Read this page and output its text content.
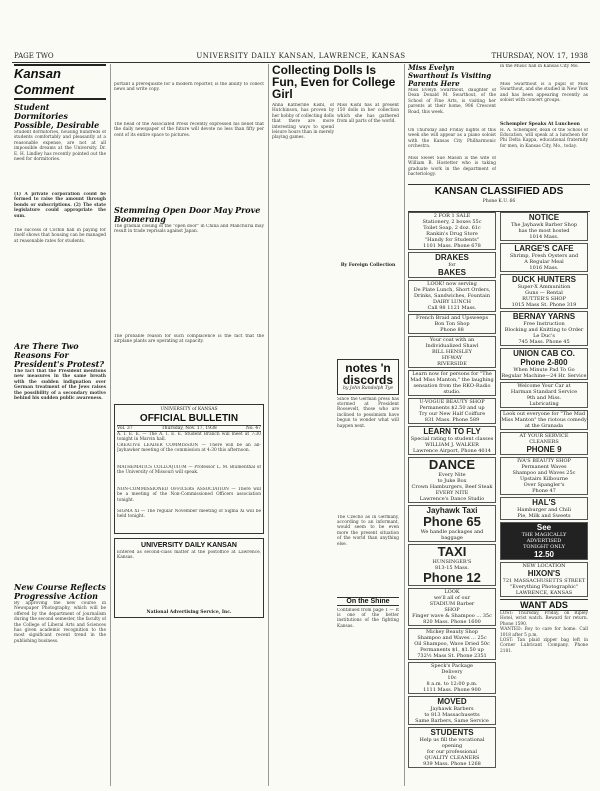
PAGE TWO	UNIVERSITY DAILY KANSAN, LAWRENCE, KANSAS	THURSDAY, NOV. 17, 1938
Kansan Comment
Student Dormitories Possible, Desirable
Student dormitories, housing hundreds of students comfortably and pleasantly at a reasonable expense, are not at all impossible dreams at the University. Dr. E. H. Lindley has recently pointed out the need for dormitories.
(1) A private corporation could be formed to raise the amount through bonds or subscriptions. (2) The state legislature could appropriate the sum.
The success of Corbin hall in paying for itself shows that housing can be managed at reasonable rates for students.
Are There Two Reasons For President's Protest?
The fact that the President mentions new measures in the same breath with the sudden indignation over German treatment of the Jews raises the possibility of a secondary motive behind his sudden public awareness.
New Course Reflects Progressive Action
By approving the new course in Newspaper Photography, which will be offered by the department of journalism during the second semester, the faculty of the College of Liberal Arts and Sciences has given academic recognition to the most significant recent trend in the publishing business.
portant a prerequisite for a modern reporter, is the ability to collect news and write copy.
The head of the Associated Press recently expressed his belief that the daily newspaper of the future will devote no less than fifty per cent of its entire space to pictures.
Stemming Open Door May Prove Boomerang
The gradual closing of the "open door" in China and Manchuria may result in trade reprisals against Japan.
The probable reason for such complacence is the fact that the airplane plants are operating at capacity.
UNIVERSITY of KANSAS
OFFICIAL BULLETIN
Vol. 37	Thursday, Nov. 17, 1938	No. 47
A. I. E. E. — The A. I. E. E. Student Branch will meet at 7:30 tonight in Marvin hall.
CREATIVE LEADER COMMISSION — There will be an all-Jayhawker meeting of the commission at 4:30 this afternoon.
MATHEMATICS COLLOQUIUM — Professor L. M. Blumenthal of the University of Missouri will speak.
NON-COMMISSIONED OFFICERS ASSOCIATION — There will be a meeting of the Non-Commissioned Officers association tonight.
SIGMA XI — The regular November meeting of Sigma Xi will be held tonight.
UNIVERSITY DAILY KANSAN
Entered as second-class matter at the postoffice at Lawrence, Kansas.
National Advertising Service, Inc.
Collecting Dolls Is Fun, Even for College Girl
Anna Katherine Kishl, of Hutchinson, has proven by her hobby of collecting dolls that there are more interesting ways to spend leisure hours than in merely playing games.
Miss Kishl has at present 150 dolls in her collection which she has gathered from all parts of the world.
By Foreign Collection
notes 'n discords
by John Randolph Tye
Since the German press has stormed at President Roosevelt, those who are inclined to pessimism have begun to wonder what will happen next.
The Czecho as in Germany, according to an informant, would seem to be even more the present situation of the world than anything else.
On the Shine
Continued from page 1 — It is one of the better institutions of the fighting Kansas.
Miss Evelyn Swarthout Is Visiting Parents Here
Miss Evelyn Swarthout, daughter of Dean Donald M. Swarthout, of the School of Fine Arts, is visiting her parents at their home, 906 Crescent Road, this week.
On Thursday and Friday nights of this week she will appear as a piano soloist with the Kansas City Philharmonic orchestra.
Miss Sweet Sue Mason is the wife of William B. Hostetter who is taking graduate work in the department of bacteriology.
in the Music hall in Kansas City Mo.
Miss Swarthout is a pupil of Miss Swarthout, and she studied in New York and has been appearing recently as soloist with concert groups.
Schempler Speaks At Luncheon
H. A. Schempler, dean of the School of Education, will speak at a luncheon for Phi Delta Kappa, educational fraternity for men, in Kansas City, Mo., today.
KANSAN CLASSIFIED ADS
Phone K.U. 66
2 FOR 1 SALE
Stationery, 2 boxes 55c
Toilet Soap, 2 doz. 61c
Rankin's Drug Store
"Handy for Students"
1101 Mass. Phone 678
DRAKES
for
BAKES
LOOK! now serving
De Plate Lunch, Short Orders,
Drinks, Sandwiches, Fountain
DAIRY LUNCH
Call 98 1121 Mass.
French Braid and Upsweeps
Bon Ton Shop
Phone 88
Your coat with an
Individualized Shawl
BILL HENSLEY
HY-WAY
RIVERSIDE
Learn now for persons for "The Mad Miss Manton," the laughing sensation from the RKO-Radio studio.
U-VOGUE BEAUTY SHOP
Permanents $2.50 and up
Try our New Half Coiffure
831 Mass. Phone 589
LEARN TO FLY
Special rating to student classes
WILLIAM J. WALKER
Lawrence Airport, Phone 4014
DANCE
Every Nite
to Juke Box
Crown Hamburgers, Beef Steak
EVERY NITE
Lawrence's Dance Studio
Jayhawk Taxi
Phone 65
We handle packages and baggage
TAXI
HUNSINGER'S
813-15 Mass.
Phone 12
LOOK
we'll all of our
STADIUM Barber
SHOP
Finger wave & Shampoo ... 35c
820 Mass. Phone 1600
Mickey Beauty Shop
Shampoo and Waves ... 25c
Oil Shampoo, Wave Dried 50c
Permanents $1, $1.50 up
732½ Mass St. Phone 2351
Speck's Package
Delivery
10c
8 a.m. to 12:00 p.m.
1111 Mass. Phone 900
MOVED
Jayhawk Barbers
to 813 Massachusetts
Same Barbers, Same Service
STUDENTS
Help us fill the vocational opening
for our professional
QUALITY CLEANERS
939 Mass. Phone 1268
NOTICE
The Jayhawk Barber Shop
has the most hosted
1014 Mass.
LARGE'S CAFE
Shrimp, Fresh Oysters and
A Regular Meal
1016 Mass.
DUCK HUNTERS
Super-X Ammunition
Guns — Rental
RUTTER'S SHOP
1015 Mass St. Phone 319
BERNAY YARNS
Free Instruction
Blocking and Knitting to Order
Le Duc's
745 Mass. Phone 45
UNION CAB CO.
Phone 2-800
When Minute Pad To Go
Regular Machine—24 Hr. Service
Welcome Your Car at
Harman Standard Service
9th and Miss.
Lubricating
Look out everyone for "The Mad Miss Manton" the riotous comedy at the Granada
AT YOUR SERVICE
CLEANERS
PHONE 9
IVA'S BEAUTY SHOP
Permanent Waves
Shampoo and Waves 25c
Upstairs Kilbourne
Over Spangler's
Phone 47
HAL'S
Hamburger and Chili
Pie, Milk and Sweets
See
THE MAGICALLY
ADVERTISED
TONIGHT ONLY
12.50
NEW LOCATION
HIXON'S
721 MASSACHUSETTS STREET
"Everything Photographic"
LAWRENCE, KANSAS
WANT ADS
LOST: Thursday, Friday, on Ripley Hotel, wrist watch. Reward for return. Phone 1590.
WANTED: Boy to care for home. Call 1018 after 5 p.m.
LOST: Tan plaid zipper bag left in Corner Lubricant Company. Phone 2181.
